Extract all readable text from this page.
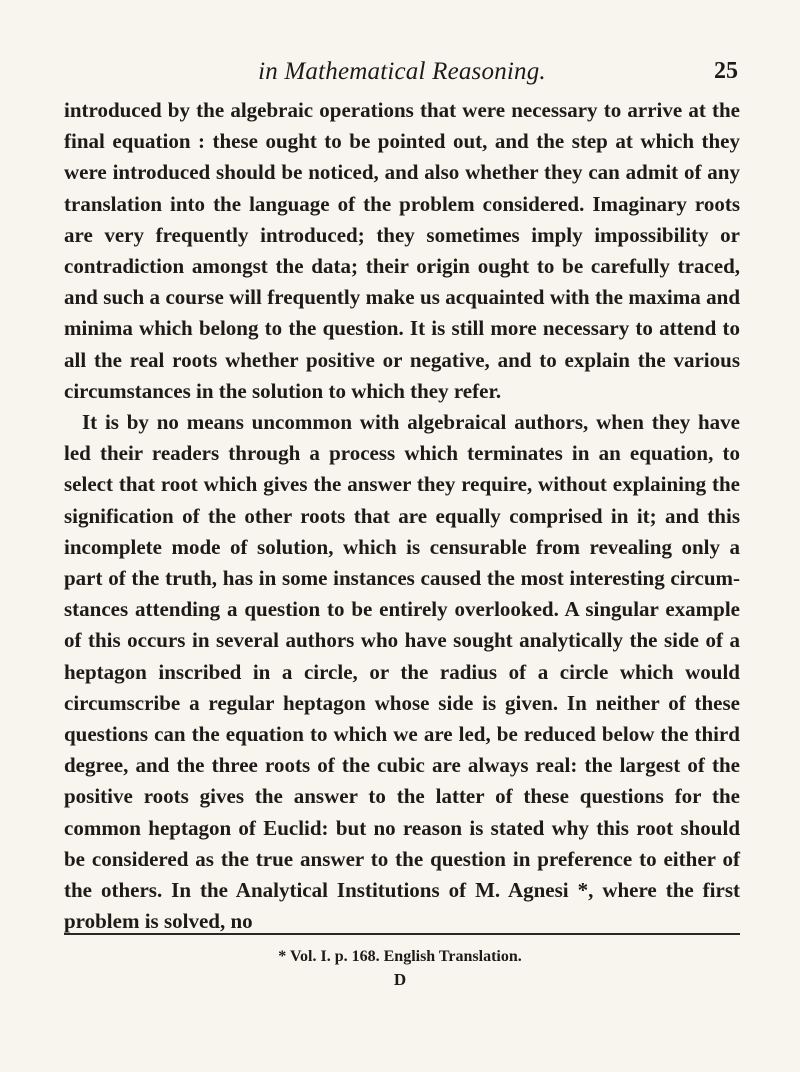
in Mathematical Reasoning.	25

introduced by the algebraic operations that were necessary to arrive at the final equation : these ought to be pointed out, and the step at which they were introduced should be noticed, and also whether they can admit of any translation into the language of the problem considered. Imaginary roots are very frequently introduced; they sometimes imply impossibility or contradiction amongst the data; their origin ought to be carefully traced, and such a course will frequently make us acquainted with the maxima and minima which belong to the question. It is still more necessary to attend to all the real roots whether positive or negative, and to explain the various circumstances in the solution to which they refer.

It is by no means uncommon with algebraical authors, when they have led their readers through a process which terminates in an equation, to select that root which gives the answer they require, without explaining the signification of the other roots that are equally comprised in it; and this incomplete mode of solution, which is censurable from revealing only a part of the truth, has in some instances caused the most interesting circumstances attending a question to be entirely overlooked. A singular example of this occurs in several authors who have sought analytically the side of a heptagon inscribed in a circle, or the radius of a circle which would circumscribe a regular heptagon whose side is given. In neither of these questions can the equation to which we are led, be reduced below the third degree, and the three roots of the cubic are always real: the largest of the positive roots gives the answer to the latter of these questions for the common heptagon of Euclid: but no reason is stated why this root should be considered as the true answer to the question in preference to either of the others. In the Analytical Institutions of M. Agnesi *, where the first problem is solved, no

* Vol. I. p. 168. English Translation.
D
